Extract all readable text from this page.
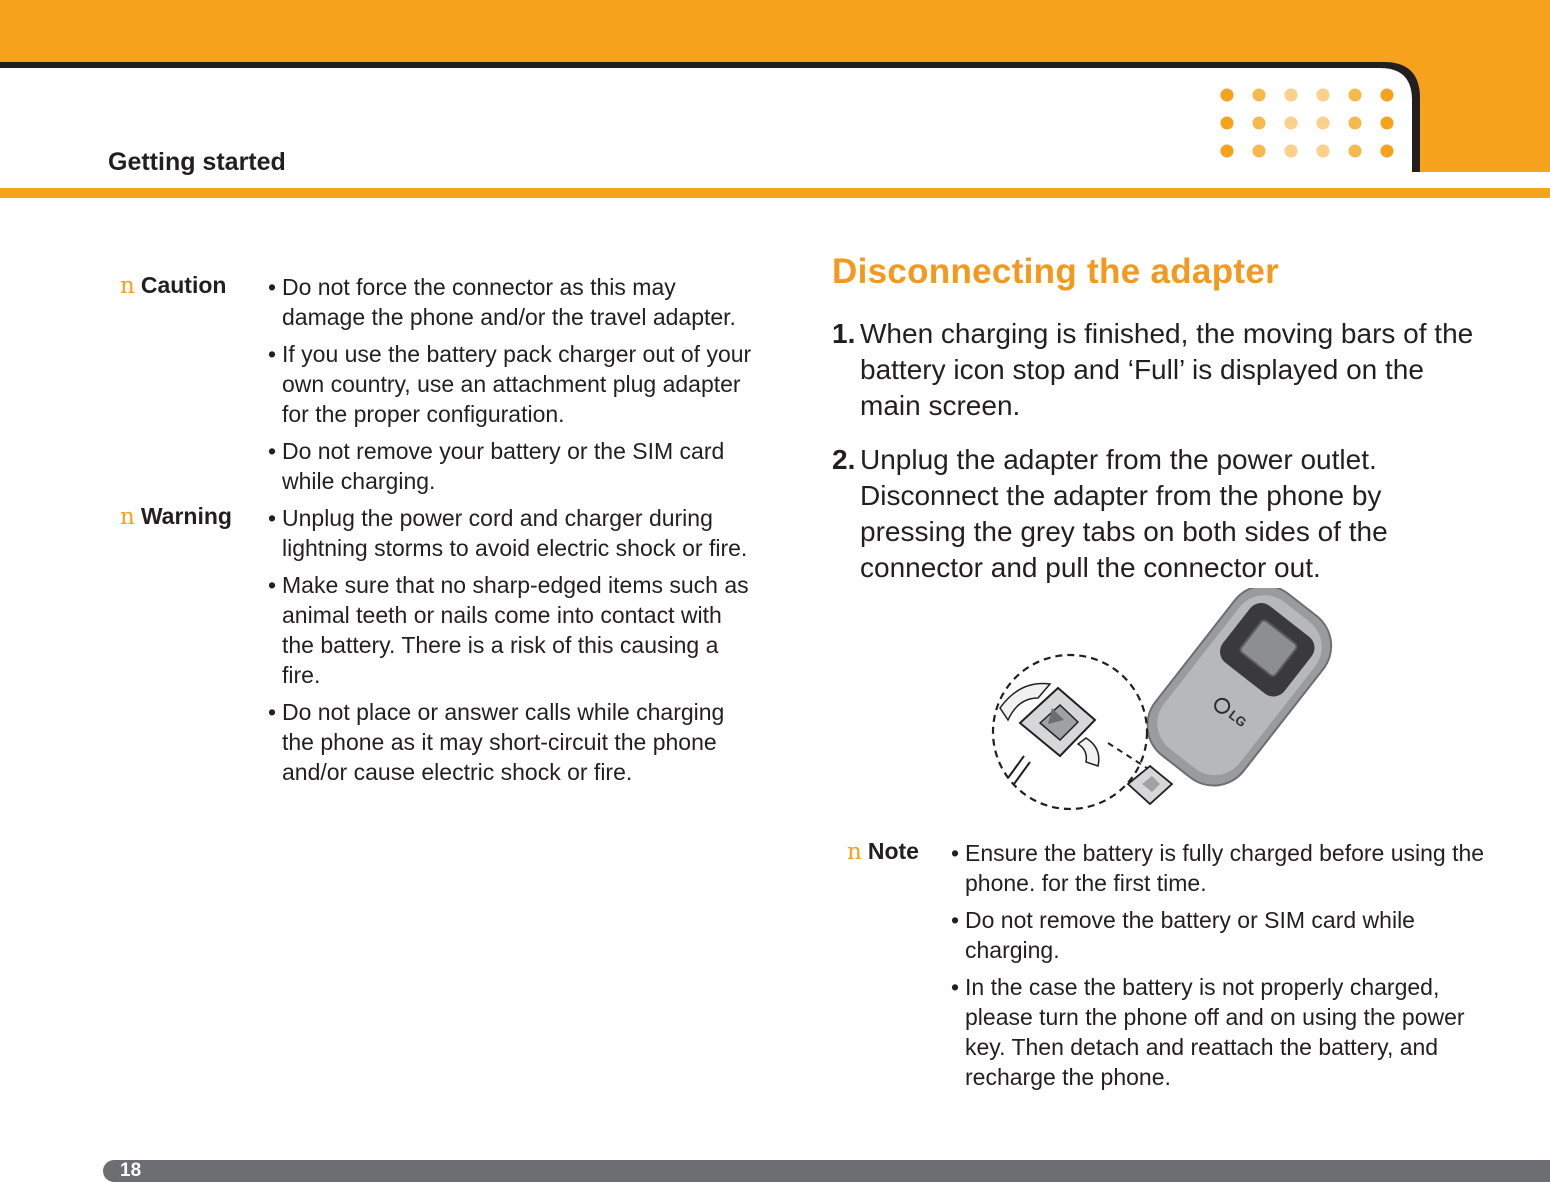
Getting started
n Caution	• Do not force the connector as this may damage the phone and/or the travel adapter.
• If you use the battery pack charger out of your own country, use an attachment plug adapter for the proper configuration.
• Do not remove your battery or the SIM card while charging.
n Warning	• Unplug the power cord and charger during lightning storms to avoid electric shock or fire.
• Make sure that no sharp-edged items such as animal teeth or nails come into contact with the battery. There is a risk of this causing a fire.
• Do not place or answer calls while charging the phone as it may short-circuit the phone and/or cause electric shock or fire.
Disconnecting the adapter
1. When charging is finished, the moving bars of the battery icon stop and ‘Full’ is displayed on the main screen.
2. Unplug the adapter from the power outlet. Disconnect the adapter from the phone by pressing the grey tabs on both sides of the connector and pull the connector out.
LG
n Note	• Ensure the battery is fully charged before using the phone. for the first time.
• Do not remove the battery or SIM card while charging.
• In the case the battery is not properly charged, please turn the phone off and on using the power key. Then detach and reattach the battery, and recharge the phone.
18
